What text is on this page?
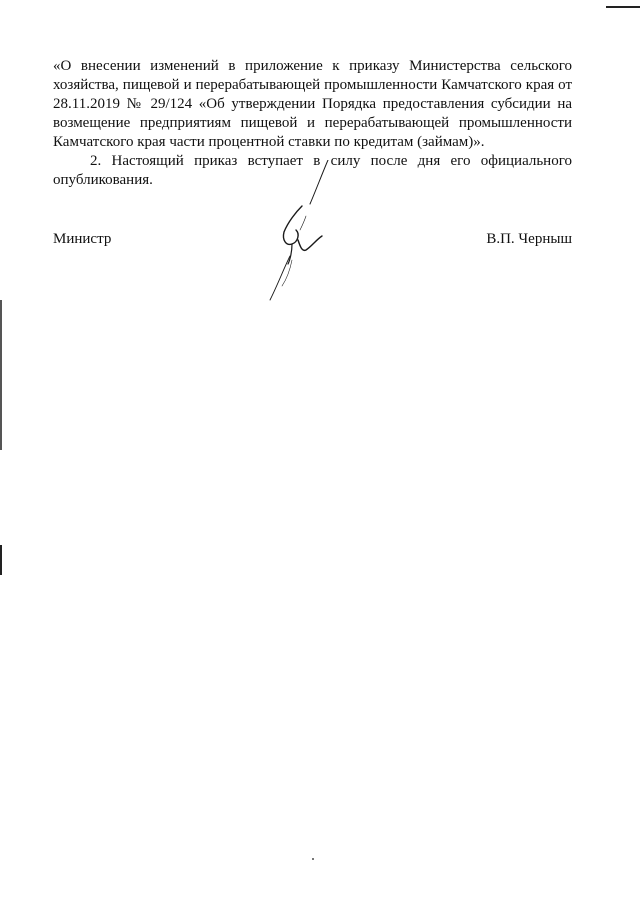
«О внесении изменений в приложение к приказу Министерства сельского
хозяйства, пищевой и перерабатывающей промышленности Камчатского края от
28.11.2019 № 29/124 «Об утверждении Порядка предоставления субсидии на
возмещение предприятиям пищевой и перерабатывающей промышленности
Камчатского края части процентной ставки по кредитам (займам)».

2. Настоящий приказ вступает в силу после дня его официального
опубликования.

Министр	В.П. Черныш
